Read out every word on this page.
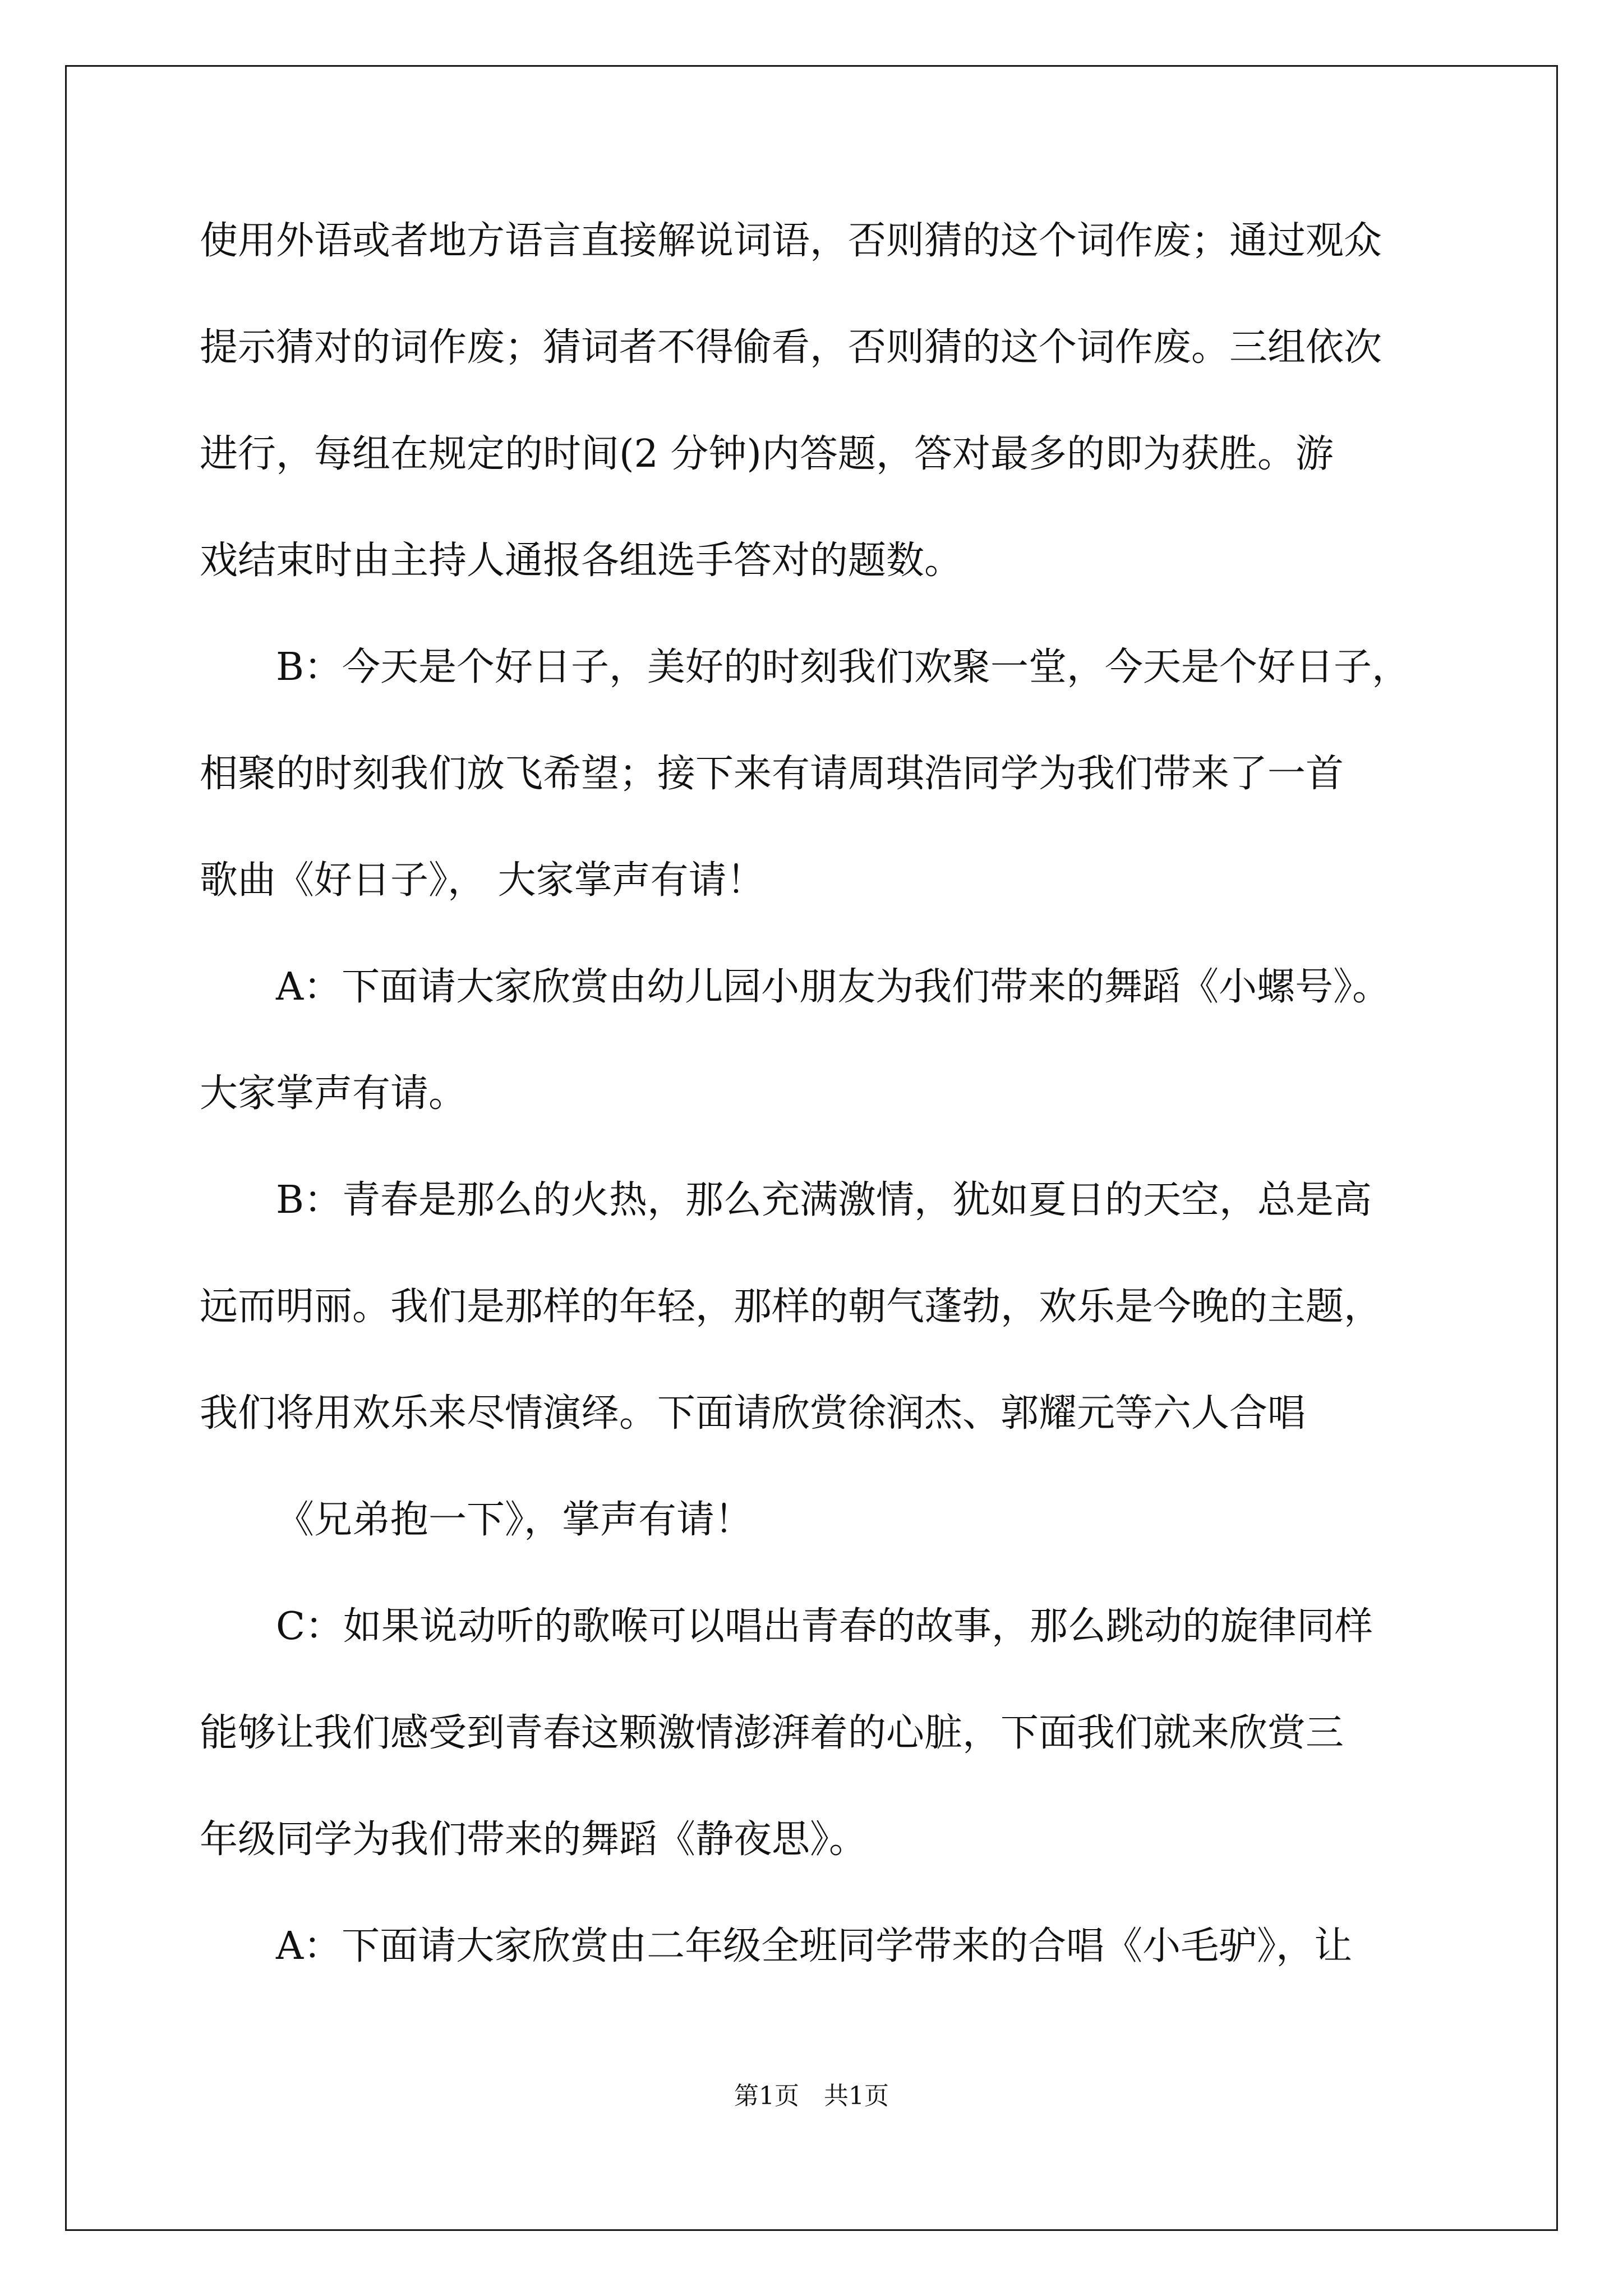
使用外语或者地方语言直接解说词语，否则猜的这个词作废；通过观众
提示猜对的词作废；猜词者不得偷看，否则猜的这个词作废。三组依次
进行，每组在规定的时间(2 分钟)内答题，答对最多的即为获胜。游
戏结束时由主持人通报各组选手答对的题数。
B：今天是个好日子，美好的时刻我们欢聚一堂，今天是个好日子，
相聚的时刻我们放飞希望；接下来有请周琪浩同学为我们带来了一首
歌曲《好日子》， 大家掌声有请！
A：下面请大家欣赏由幼儿园小朋友为我们带来的舞蹈《小螺号》。
大家掌声有请。
B：青春是那么的火热，那么充满激情，犹如夏日的天空，总是高
远而明丽。我们是那样的年轻，那样的朝气蓬勃，欢乐是今晚的主题，
我们将用欢乐来尽情演绎。下面请欣赏徐润杰、郭耀元等六人合唱
《兄弟抱一下》，掌声有请！
C：如果说动听的歌喉可以唱出青春的故事，那么跳动的旋律同样
能够让我们感受到青春这颗激情澎湃着的心脏，下面我们就来欣赏三
年级同学为我们带来的舞蹈《静夜思》。
A：下面请大家欣赏由二年级全班同学带来的合唱《小毛驴》，让
第1页　共1页
